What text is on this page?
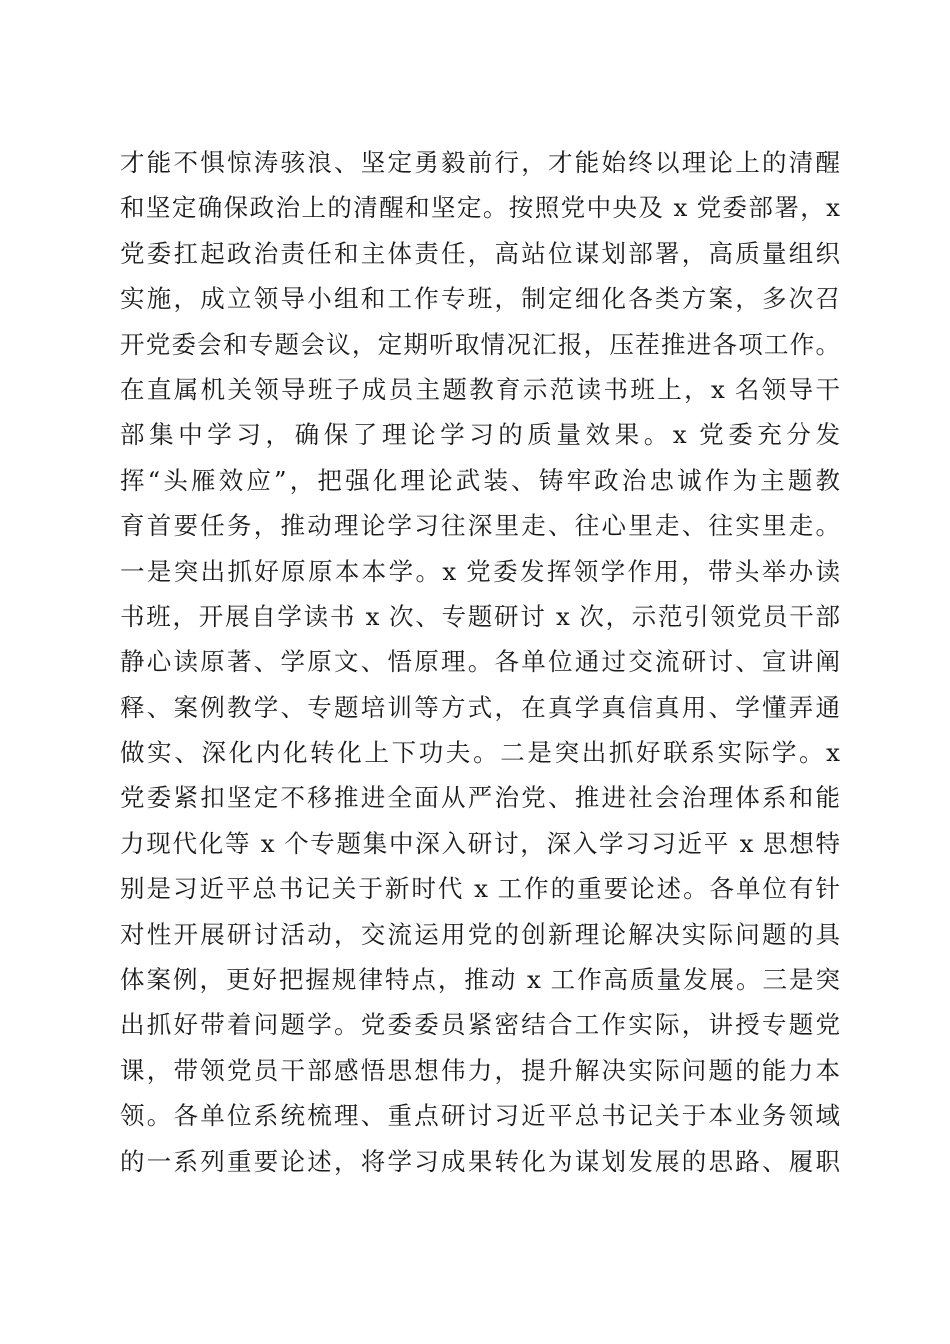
才能不惧惊涛骇浪、坚定勇毅前行，才能始终以理论上的清醒
和坚定确保政治上的清醒和坚定。按照党中央及 x 党委部署，x
党委扛起政治责任和主体责任，高站位谋划部署，高质量组织
实施，成立领导小组和工作专班，制定细化各类方案，多次召
开党委会和专题会议，定期听取情况汇报，压茬推进各项工作。
在直属机关领导班子成员主题教育示范读书班上，x 名领导干
部集中学习，确保了理论学习的质量效果。x 党委充分发
挥“头雁效应”，把强化理论武装、铸牢政治忠诚作为主题教
育首要任务，推动理论学习往深里走、往心里走、往实里走。
一是突出抓好原原本本学。x 党委发挥领学作用，带头举办读
书班，开展自学读书 x 次、专题研讨 x 次，示范引领党员干部
静心读原著、学原文、悟原理。各单位通过交流研讨、宣讲阐
释、案例教学、专题培训等方式，在真学真信真用、学懂弄通
做实、深化内化转化上下功夫。二是突出抓好联系实际学。x
党委紧扣坚定不移推进全面从严治党、推进社会治理体系和能
力现代化等 x 个专题集中深入研讨，深入学习习近平 x 思想特
别是习近平总书记关于新时代 x 工作的重要论述。各单位有针
对性开展研讨活动，交流运用党的创新理论解决实际问题的具
体案例，更好把握规律特点，推动 x 工作高质量发展。三是突
出抓好带着问题学。党委委员紧密结合工作实际，讲授专题党
课，带领党员干部感悟思想伟力，提升解决实际问题的能力本
领。各单位系统梳理、重点研讨习近平总书记关于本业务领域
的一系列重要论述，将学习成果转化为谋划发展的思路、履职
